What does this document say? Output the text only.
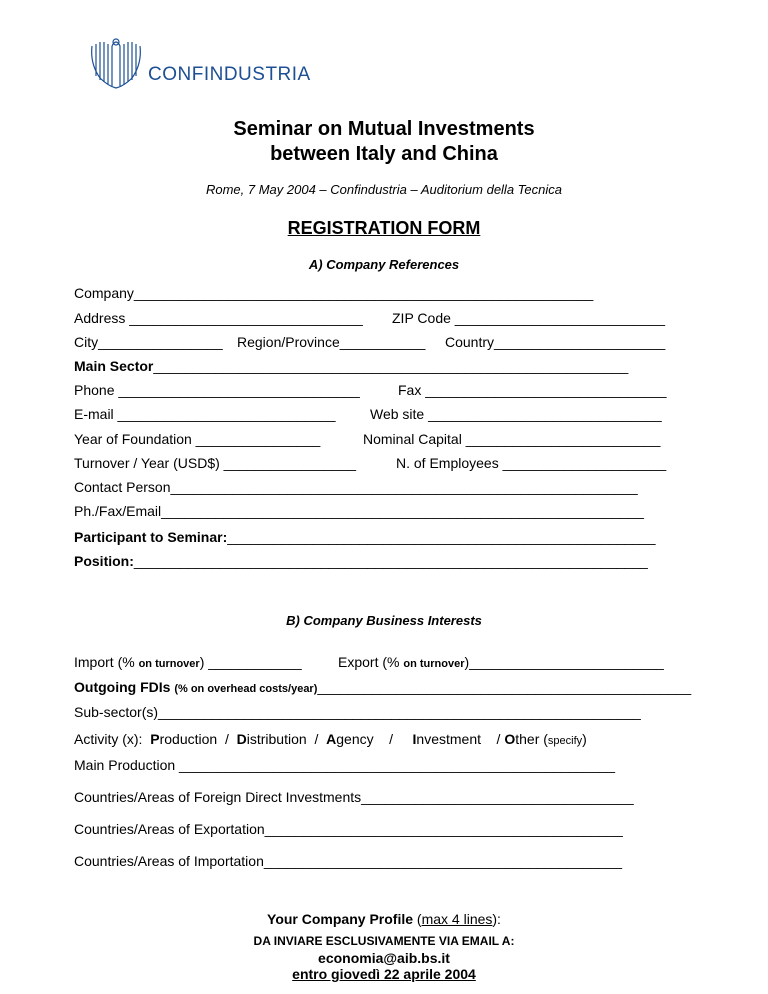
CONFINDUSTRIA
Seminar on Mutual Investments
between Italy and China
Rome, 7 May 2004 – Confindustria – Auditorium della Tecnica
REGISTRATION FORM
A) Company References
Company___________________________________________________________
Address ______________________________ ZIP Code ___________________________
City________________ Region/Province___________ Country______________________
Main Sector_____________________________________________________________
Phone _______________________________	Fax _______________________________
E-mail ____________________________ Web site ______________________________
Year of Foundation ________________	Nominal Capital _________________________
Turnover / Year (USD$) _________________	N. of Employees _____________________
Contact Person____________________________________________________________
Ph./Fax/Email______________________________________________________________
Participant to Seminar:_______________________________________________________
Position:__________________________________________________________________
B) Company Business Interests
Import (% on turnover) ____________	Export (% on turnover)_________________________
Outgoing FDIs (% on overhead costs/year)________________________________________________
Sub-sector(s)______________________________________________________________
Activity (x): Production  /  Distribution  /  Agency    /     Investment    / Other (specify)
Main Production ________________________________________________________
Countries/Areas of Foreign Direct Investments___________________________________
Countries/Areas of Exportation______________________________________________
Countries/Areas of Importation______________________________________________
Your Company Profile (max 4 lines):
DA INVIARE ESCLUSIVAMENTE VIA EMAIL A:
economia@aib.bs.it
entro giovedì 22 aprile 2004
